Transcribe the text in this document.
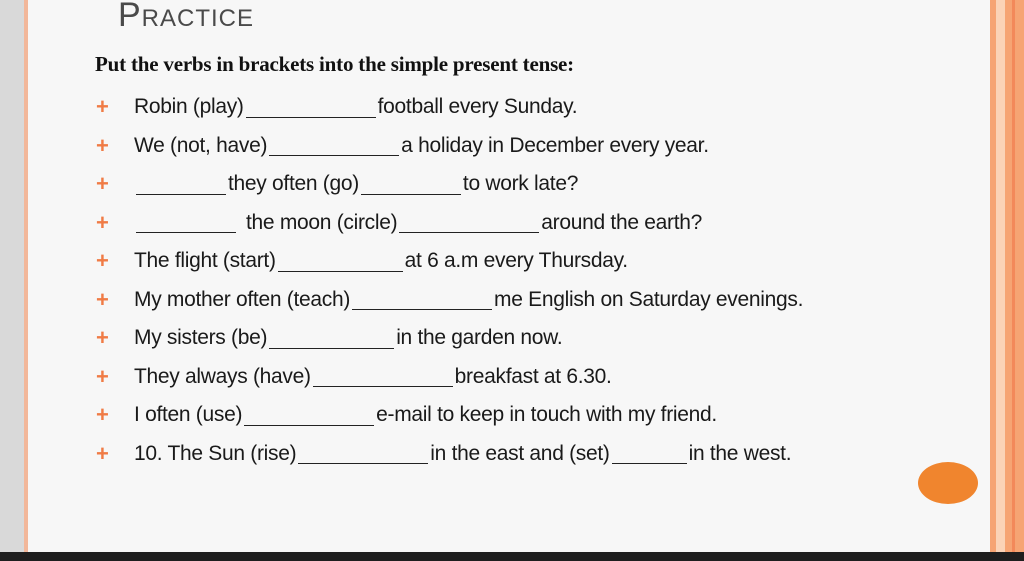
Practice

Put the verbs in brackets into the simple present tense:

+	Robin (play)	football every Sunday.
+	We (not, have)	a holiday in December every year.
+	they often (go)	to work late?
+	the moon (circle)	around the earth?
+	The flight (start)	at 6 a.m every Thursday.
+	My mother often (teach)	me English on Saturday evenings.
+	My sisters (be)	in the garden now.
+	They always (have)	breakfast at 6.30.
+	I often (use)	e-mail to keep in touch with my friend.
+	10. The Sun (rise)	in the east and (set)	in the west.
